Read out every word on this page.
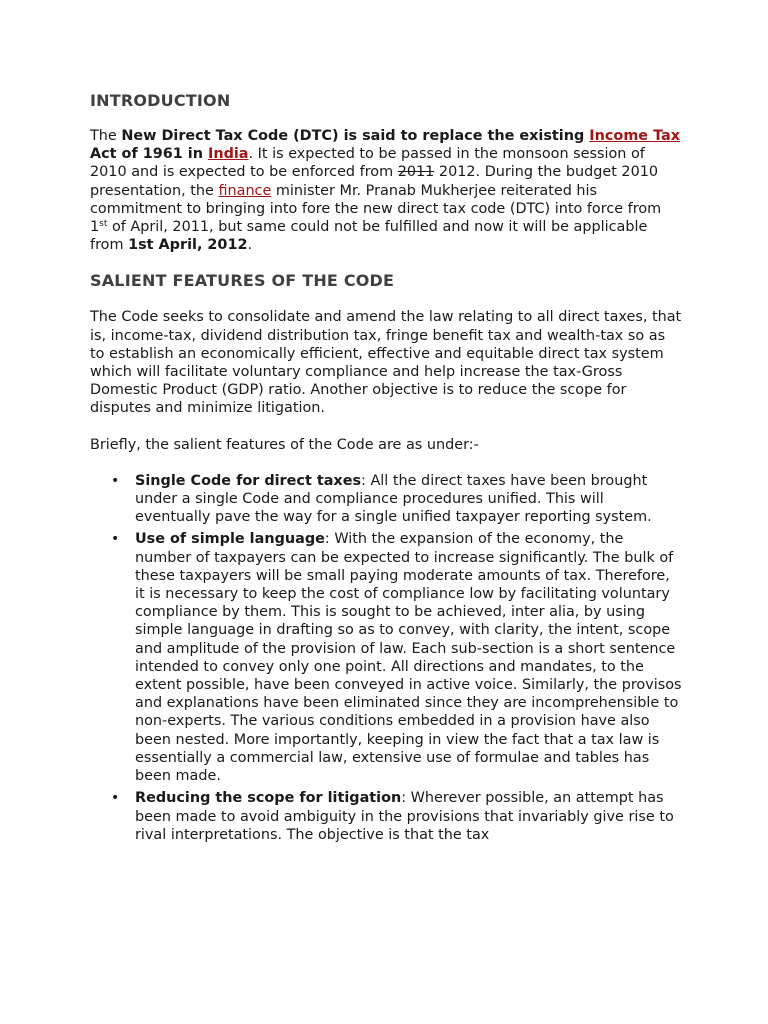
INTRODUCTION

The New Direct Tax Code (DTC) is said to replace the existing Income Tax Act of 1961 in India. It is expected to be passed in the monsoon session of 2010 and is expected to be enforced from 2011 2012. During the budget 2010 presentation, the finance minister Mr. Pranab Mukherjee reiterated his commitment to bringing into fore the new direct tax code (DTC) into force from 1st of April, 2011, but same could not be fulfilled and now it will be applicable from 1st April, 2012.

SALIENT FEATURES OF THE CODE

The Code seeks to consolidate and amend the law relating to all direct taxes, that is, income-tax, dividend distribution tax, fringe benefit tax and wealth-tax so as to establish an economically efficient, effective and equitable direct tax system which will facilitate voluntary compliance and help increase the tax-Gross Domestic Product (GDP) ratio. Another objective is to reduce the scope for disputes and minimize litigation.

Briefly, the salient features of the Code are as under:-

• Single Code for direct taxes: All the direct taxes have been brought under a single Code and compliance procedures unified. This will eventually pave the way for a single unified taxpayer reporting system.
• Use of simple language: With the expansion of the economy, the number of taxpayers can be expected to increase significantly. The bulk of these taxpayers will be small paying moderate amounts of tax. Therefore, it is necessary to keep the cost of compliance low by facilitating voluntary compliance by them. This is sought to be achieved, inter alia, by using simple language in drafting so as to convey, with clarity, the intent, scope and amplitude of the provision of law. Each sub-section is a short sentence intended to convey only one point. All directions and mandates, to the extent possible, have been conveyed in active voice. Similarly, the provisos and explanations have been eliminated since they are incomprehensible to non-experts. The various conditions embedded in a provision have also been nested. More importantly, keeping in view the fact that a tax law is essentially a commercial law, extensive use of formulae and tables has been made.
• Reducing the scope for litigation: Wherever possible, an attempt has been made to avoid ambiguity in the provisions that invariably give rise to rival interpretations. The objective is that the tax
